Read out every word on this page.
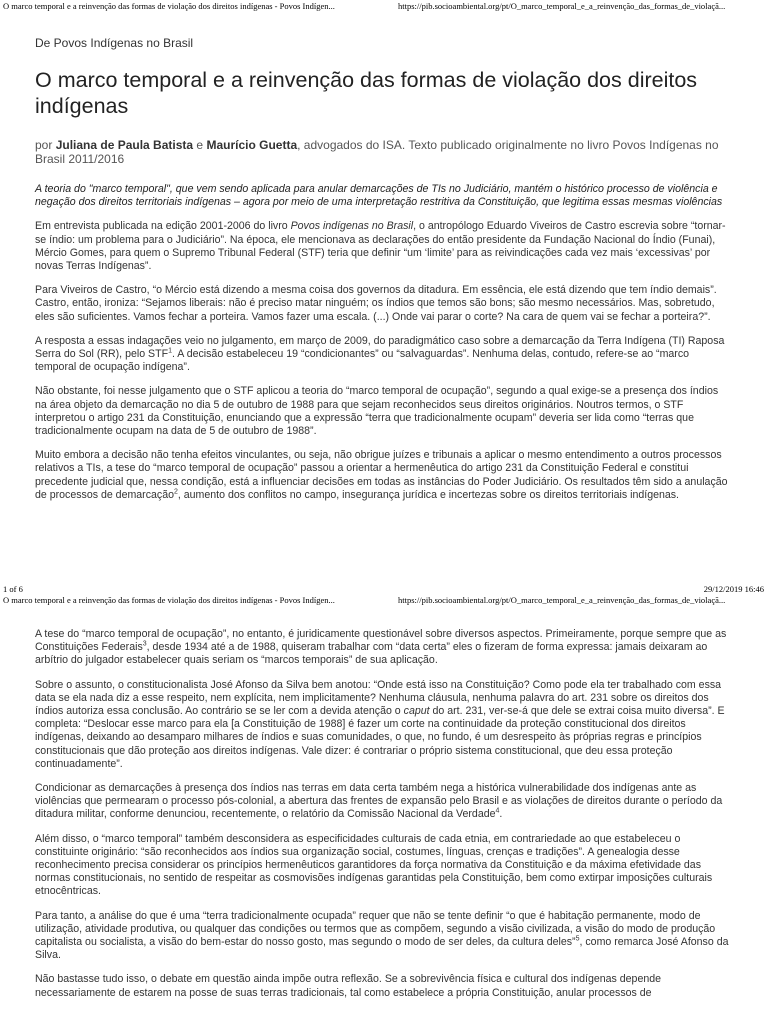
O marco temporal e a reinvenção das formas de violação dos direitos indígenas - Povos Indígen...	https://pib.socioambiental.org/pt/O_marco_temporal_e_a_reinvenção_das_formas_de_violaçã...
De Povos Indígenas no Brasil
O marco temporal e a reinvenção das formas de violação dos direitos indígenas
por Juliana de Paula Batista e Maurício Guetta, advogados do ISA. Texto publicado originalmente no livro Povos Indígenas no Brasil 2011/2016

A teoria do "marco temporal", que vem sendo aplicada para anular demarcações de TIs no Judiciário, mantém o histórico processo de violência e negação dos direitos territoriais indígenas – agora por meio de uma interpretação restritiva da Constituição, que legitima essas mesmas violências

Em entrevista publicada na edição 2001-2006 do livro Povos indígenas no Brasil, o antropólogo Eduardo Viveiros de Castro escrevia sobre “tornar-se índio: um problema para o Judiciário”. Na época, ele mencionava as declarações do então presidente da Fundação Nacional do Índio (Funai), Mércio Gomes, para quem o Supremo Tribunal Federal (STF) teria que definir “um ‘limite’ para as reivindicações cada vez mais ‘excessivas’ por novas Terras Indígenas”.

Para Viveiros de Castro, “o Mércio está dizendo a mesma coisa dos governos da ditadura. Em essência, ele está dizendo que tem índio demais”. Castro, então, ironiza: “Sejamos liberais: não é preciso matar ninguém; os índios que temos são bons; são mesmo necessários. Mas, sobretudo, eles são suficientes. Vamos fechar a porteira. Vamos fazer uma escala. (...) Onde vai parar o corte? Na cara de quem vai se fechar a porteira?”.

A resposta a essas indagações veio no julgamento, em março de 2009, do paradigmático caso sobre a demarcação da Terra Indígena (TI) Raposa Serra do Sol (RR), pelo STF$^1$. A decisão estabeleceu 19 “condicionantes” ou “salvaguardas”. Nenhuma delas, contudo, refere-se ao “marco temporal de ocupação indígena”.

Não obstante, foi nesse julgamento que o STF aplicou a teoria do “marco temporal de ocupação”, segundo a qual exige-se a presença dos índios na área objeto da demarcação no dia 5 de outubro de 1988 para que sejam reconhecidos seus direitos originários. Noutros termos, o STF interpretou o artigo 231 da Constituição, enunciando que a expressão “terra que tradicionalmente ocupam” deveria ser lida como “terras que tradicionalmente ocupam na data de 5 de outubro de 1988”.

Muito embora a decisão não tenha efeitos vinculantes, ou seja, não obrigue juízes e tribunais a aplicar o mesmo entendimento a outros processos relativos a TIs, a tese do “marco temporal de ocupação” passou a orientar a hermenêutica do artigo 231 da Constituição Federal e constitui precedente judicial que, nessa condição, está a influenciar decisões em todas as instâncias do Poder Judiciário. Os resultados têm sido a anulação de processos de demarcação$^2$, aumento dos conflitos no campo, insegurança jurídica e incertezas sobre os direitos territoriais indígenas.

1 of 6	29/12/2019 16:46
O marco temporal e a reinvenção das formas de violação dos direitos indígenas - Povos Indígen...	https://pib.socioambiental.org/pt/O_marco_temporal_e_a_reinvenção_das_formas_de_violaçã...

A tese do “marco temporal de ocupação”, no entanto, é juridicamente questionável sobre diversos aspectos. Primeiramente, porque sempre que as Constituições Federais$^3$, desde 1934 até a de 1988, quiseram trabalhar com “data certa” eles o fizeram de forma expressa: jamais deixaram ao arbítrio do julgador estabelecer quais seriam os “marcos temporais” de sua aplicação.

Sobre o assunto, o constitucionalista José Afonso da Silva bem anotou: “Onde está isso na Constituição? Como pode ela ter trabalhado com essa data se ela nada diz a esse respeito, nem explícita, nem implicitamente? Nenhuma cláusula, nenhuma palavra do art. 231 sobre os direitos dos índios autoriza essa conclusão. Ao contrário se se ler com a devida atenção o caput do art. 231, ver-se-á que dele se extrai coisa muito diversa”. E completa: “Deslocar esse marco para ela [a Constituição de 1988] é fazer um corte na continuidade da proteção constitucional dos direitos indígenas, deixando ao desamparo milhares de índios e suas comunidades, o que, no fundo, é um desrespeito às próprias regras e princípios constitucionais que dão proteção aos direitos indígenas. Vale dizer: é contrariar o próprio sistema constitucional, que deu essa proteção continuadamente”.

Condicionar as demarcações à presença dos índios nas terras em data certa também nega a histórica vulnerabilidade dos indígenas ante as violências que permearam o processo pós-colonial, a abertura das frentes de expansão pelo Brasil e as violações de direitos durante o período da ditadura militar, conforme denunciou, recentemente, o relatório da Comissão Nacional da Verdade$^4$.

Além disso, o “marco temporal” também desconsidera as especificidades culturais de cada etnia, em contrariedade ao que estabeleceu o constituinte originário: “são reconhecidos aos índios sua organização social, costumes, línguas, crenças e tradições”. A genealogia desse reconhecimento precisa considerar os princípios hermenêuticos garantidores da força normativa da Constituição e da máxima efetividade das normas constitucionais, no sentido de respeitar as cosmovisões indígenas garantidas pela Constituição, bem como extirpar imposições culturais etnocêntricas.

Para tanto, a análise do que é uma “terra tradicionalmente ocupada” requer que não se tente definir “o que é habitação permanente, modo de utilização, atividade produtiva, ou qualquer das condições ou termos que as compõem, segundo a visão civilizada, a visão do modo de produção capitalista ou socialista, a visão do bem-estar do nosso gosto, mas segundo o modo de ser deles, da cultura deles”$^5$, como remarca José Afonso da Silva.

Não bastasse tudo isso, o debate em questão ainda impõe outra reflexão. Se a sobrevivência física e cultural dos indígenas depende necessariamente de estarem na posse de suas terras tradicionais, tal como estabelece a própria Constituição, anular processos de
